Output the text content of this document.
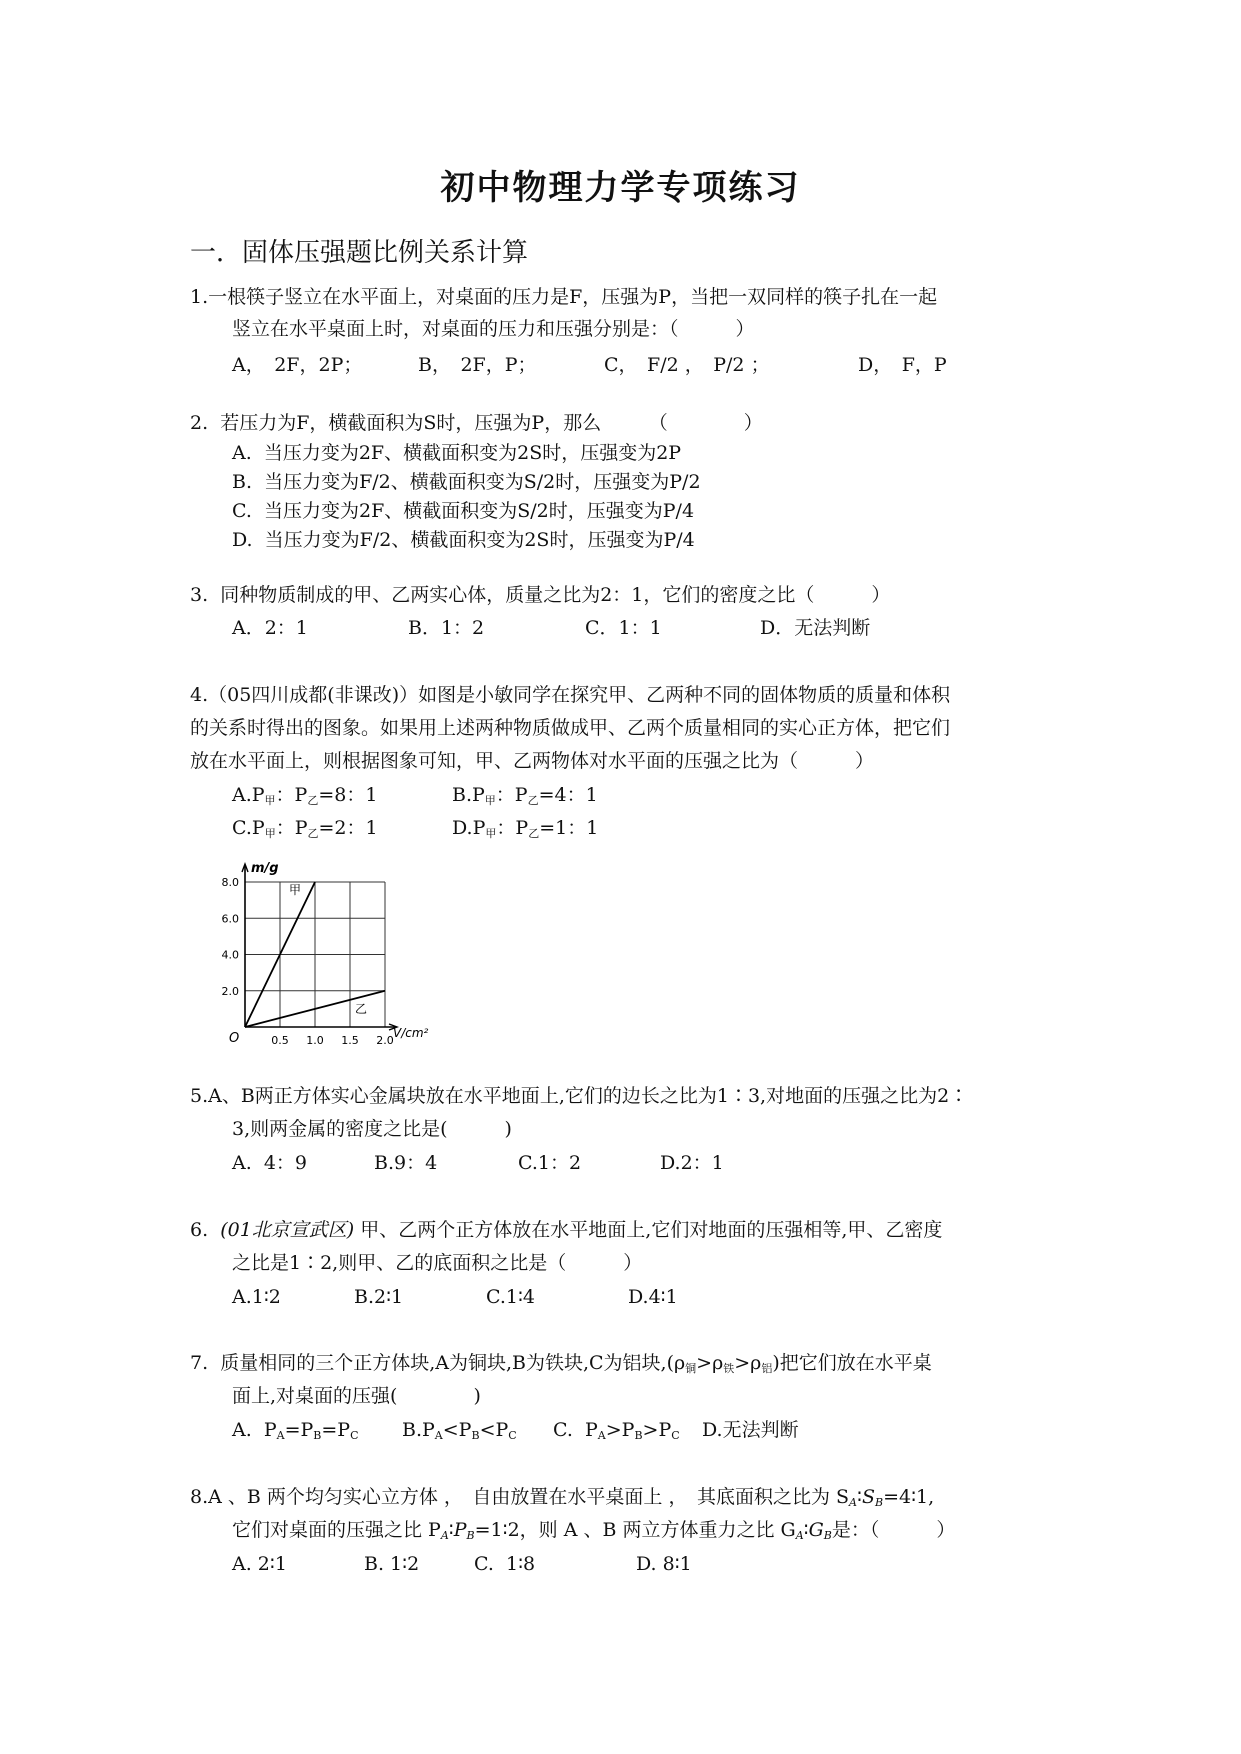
初中物理力学专项练习
一．固体压强题比例关系计算
1.一根筷子竖立在水平面上，对桌面的压力是F，压强为P，当把一双同样的筷子扎在一起
竖立在水平桌面上时，对桌面的压力和压强分别是：（　　　）
A，　2F，2P；	B，　2F，P；	C，　F/2 ，　P/2 ；	D，　F，P
2.  若压力为F，横截面积为S时，压强为P，那么　　　（　　　　）
A.  当压力变为2F、横截面积变为2S时，压强变为2P
B.  当压力变为F/2、横截面积变为S/2时，压强变为P/2
C.  当压力变为2F、横截面积变为S/2时，压强变为P/4
D.  当压力变为F/2、横截面积变为2S时，压强变为P/4
3.  同种物质制成的甲、乙两实心体，质量之比为2：1，它们的密度之比（　　　）
A．2：1	B．1：2	C．1：1	D．无法判断
4.（05四川成都(非课改)）如图是小敏同学在探究甲、乙两种不同的固体物质的质量和体积
的关系时得出的图象。如果用上述两种物质做成甲、乙两个质量相同的实心正方体，把它们
放在水平面上，则根据图象可知，甲、乙两物体对水平面的压强之比为（　　　）
$A.P_甲$：$P_乙=8$：1	$B.P_甲$：$P_乙=4$：1
$C.P_甲$：$P_乙=2$：1	$D.P_甲$：$P_乙=1$：1
0.5 1.0 1.5 2.0
2.0
4.0
6.0
8.0
O
m/g
V/cm²
甲
乙
5.A、B两正方体实心金属块放在水平地面上,它们的边长之比为1∶3,对地面的压强之比为2∶
3,则两金属的密度之比是(　　　)
A.  4：9	B.9：4	C.1：2	D.2：1
6.  (01北京宣武区) 甲、乙两个正方体放在水平地面上,它们对地面的压强相等,甲、乙密度
之比是1∶2,则甲、乙的底面积之比是（　　　）
A.1∶2	B.2∶1	C.1∶4	D.4∶1
7.  质量相同的三个正方体块,A为铜块,B为铁块,C为铝块$,(\rho_铜>\rho_铁>\rho_铝)$把它们放在水平桌
面上,对桌面的压强(　　　　)
A.  $P_A=P_B=P_C$ $B.P_A<P_B<P_C$ C.  $P_A>P_B>P_C$ D.无法判断
8.A 、B 两个均匀实心立方体 ，　自由放置在水平桌面上 ，　其底面积之比为 $S_A∶S_B=4∶1$,
它们对桌面的压强之比 $P_A∶P_B=1∶2$，则 A 、B 两立方体重力之比 $G_A∶G_B$是：（　　　）
A. 2∶1	B. 1∶2	C.  1∶8	D. 8∶1
